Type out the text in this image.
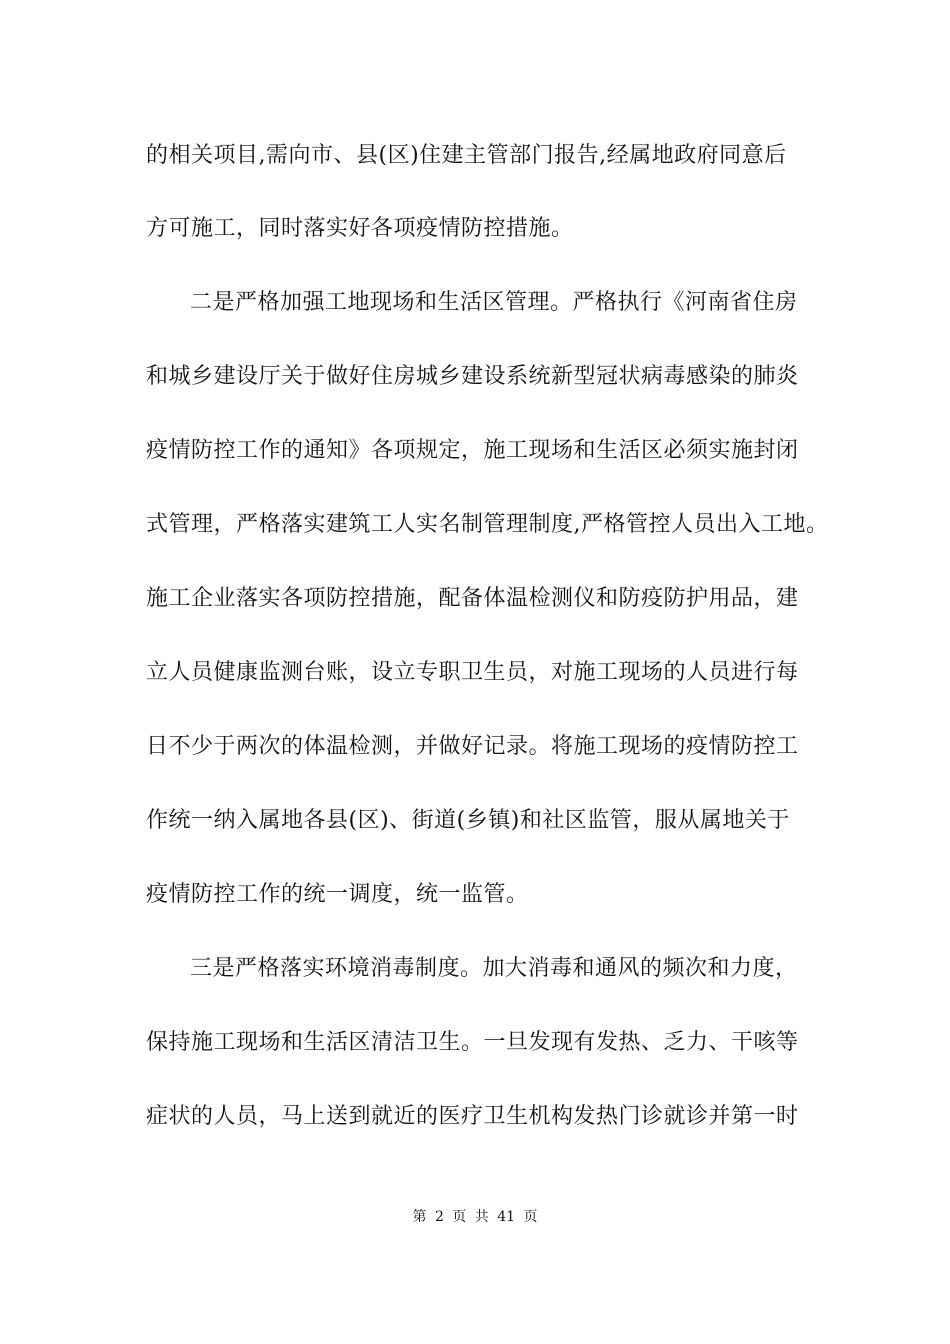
的相关项目,需向市、县(区)住建主管部门报告,经属地政府同意后
方可施工，同时落实好各项疫情防控措施。
二是严格加强工地现场和生活区管理。严格执行《河南省住房
和城乡建设厅关于做好住房城乡建设系统新型冠状病毒感染的肺炎
疫情防控工作的通知》各项规定，施工现场和生活区必须实施封闭
式管理，严格落实建筑工人实名制管理制度,严格管控人员出入工地。
施工企业落实各项防控措施，配备体温检测仪和防疫防护用品，建
立人员健康监测台账，设立专职卫生员，对施工现场的人员进行每
日不少于两次的体温检测，并做好记录。将施工现场的疫情防控工
作统一纳入属地各县(区)、街道(乡镇)和社区监管，服从属地关于
疫情防控工作的统一调度，统一监管。
三是严格落实环境消毒制度。加大消毒和通风的频次和力度，
保持施工现场和生活区清洁卫生。一旦发现有发热、乏力、干咳等
症状的人员，马上送到就近的医疗卫生机构发热门诊就诊并第一时
第 2 页 共 41 页
